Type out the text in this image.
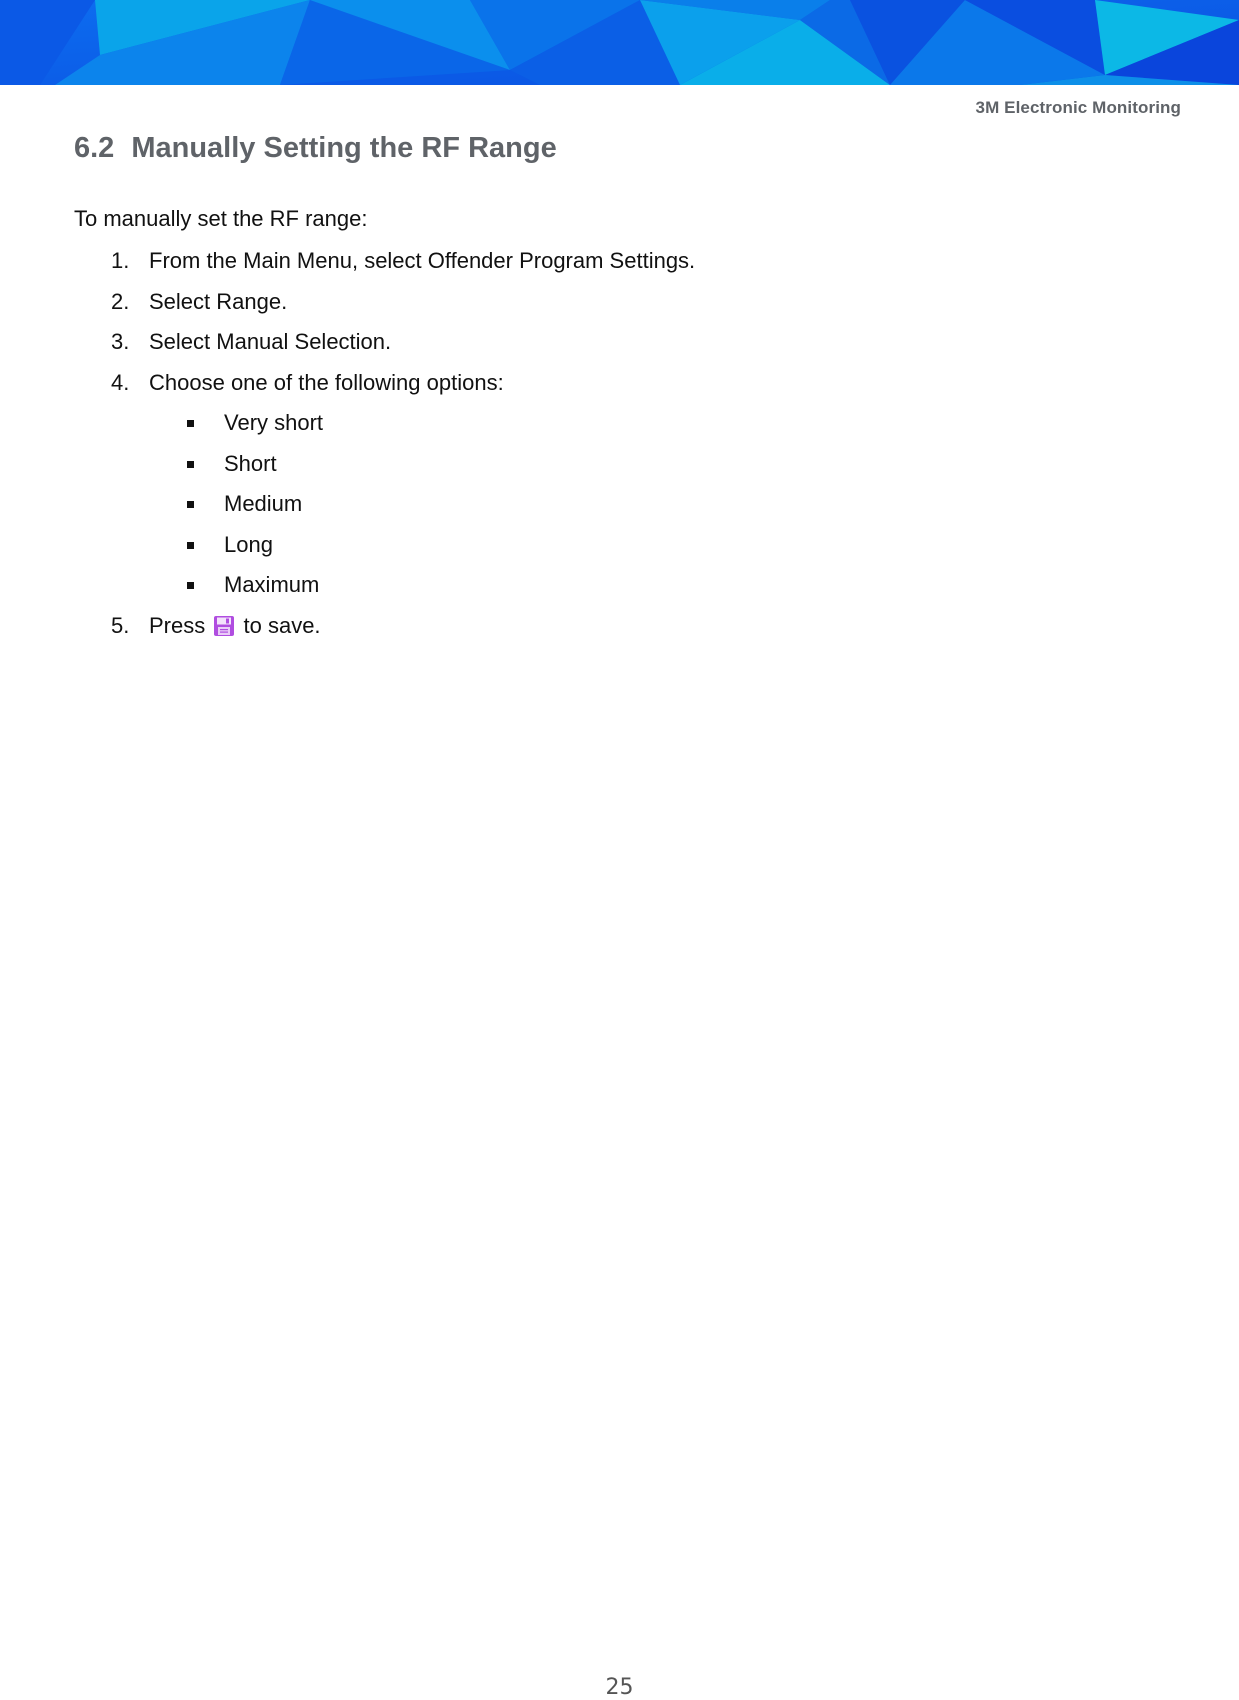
3M Electronic Monitoring
6.2 Manually Setting the RF Range

To manually set the RF range:

1. From the Main Menu, select Offender Program Settings.
2. Select Range.
3. Select Manual Selection.
4. Choose one of the following options:
Very short
Short
Medium
Long
Maximum
5. Press to save.
25
